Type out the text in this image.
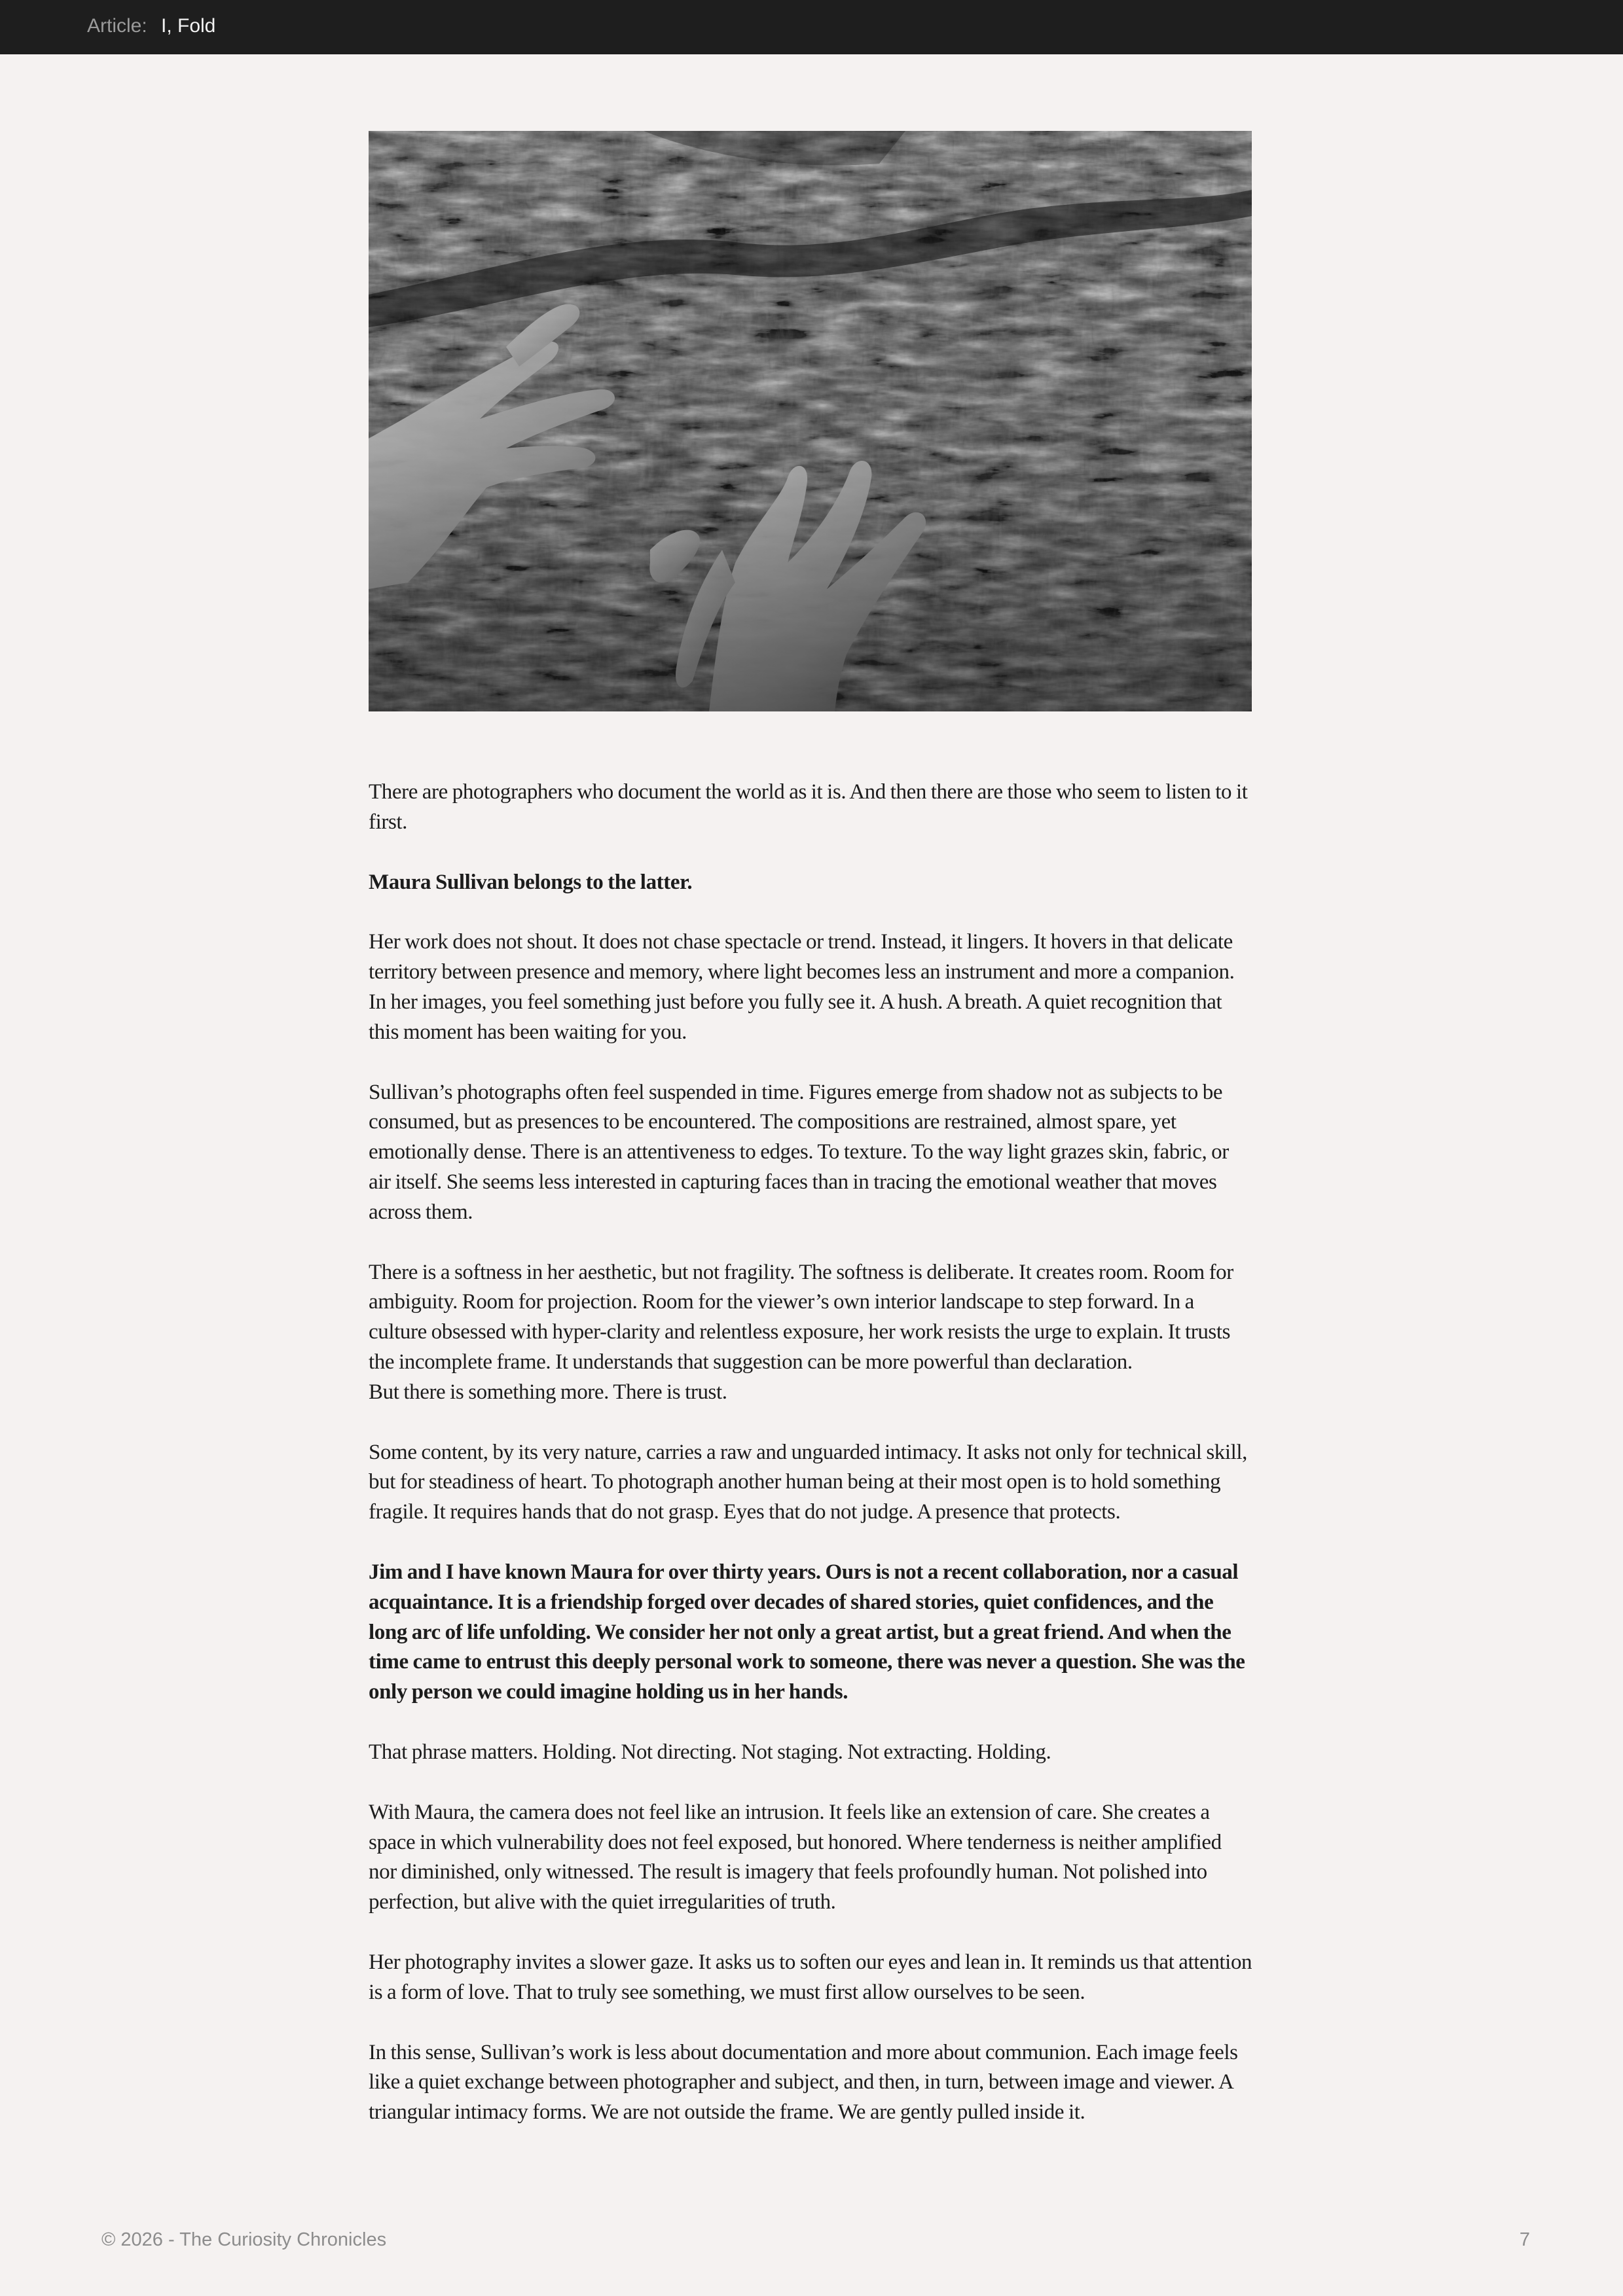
Article: I, Fold

There are photographers who document the world as it is. And then there are those who seem to listen to it first.

Maura Sullivan belongs to the latter.

Her work does not shout. It does not chase spectacle or trend. Instead, it lingers. It hovers in that delicate territory between presence and memory, where light becomes less an instrument and more a companion. In her images, you feel something just before you fully see it. A hush. A breath. A quiet recognition that this moment has been waiting for you.

Sullivan’s photographs often feel suspended in time. Figures emerge from shadow not as subjects to be consumed, but as presences to be encountered. The compositions are restrained, almost spare, yet emotionally dense. There is an attentiveness to edges. To texture. To the way light grazes skin, fabric, or air itself. She seems less interested in capturing faces than in tracing the emotional weather that moves across them.

There is a softness in her aesthetic, but not fragility. The softness is deliberate. It creates room. Room for ambiguity. Room for projection. Room for the viewer’s own interior landscape to step forward. In a culture obsessed with hyper-clarity and relentless exposure, her work resists the urge to explain. It trusts the incomplete frame. It understands that suggestion can be more powerful than declaration.

But there is something more. There is trust.

Some content, by its very nature, carries a raw and unguarded intimacy. It asks not only for technical skill, but for steadiness of heart. To photograph another human being at their most open is to hold something fragile. It requires hands that do not grasp. Eyes that do not judge. A presence that protects.

Jim and I have known Maura for over thirty years. Ours is not a recent collaboration, nor a casual acquaintance. It is a friendship forged over decades of shared stories, quiet confidences, and the long arc of life unfolding. We consider her not only a great artist, but a great friend. And when the time came to entrust this deeply personal work to someone, there was never a question. She was the only person we could imagine holding us in her hands.

That phrase matters. Holding. Not directing. Not staging. Not extracting. Holding.

With Maura, the camera does not feel like an intrusion. It feels like an extension of care. She creates a space in which vulnerability does not feel exposed, but honored. Where tenderness is neither amplified nor diminished, only witnessed. The result is imagery that feels profoundly human. Not polished into perfection, but alive with the quiet irregularities of truth.

Her photography invites a slower gaze. It asks us to soften our eyes and lean in. It reminds us that attention is a form of love. That to truly see something, we must first allow ourselves to be seen.

In this sense, Sullivan’s work is less about documentation and more about communion. Each image feels like a quiet exchange between photographer and subject, and then, in turn, between image and viewer. A triangular intimacy forms. We are not outside the frame. We are gently pulled inside it.

© 2026 - The Curiosity Chronicles	7
